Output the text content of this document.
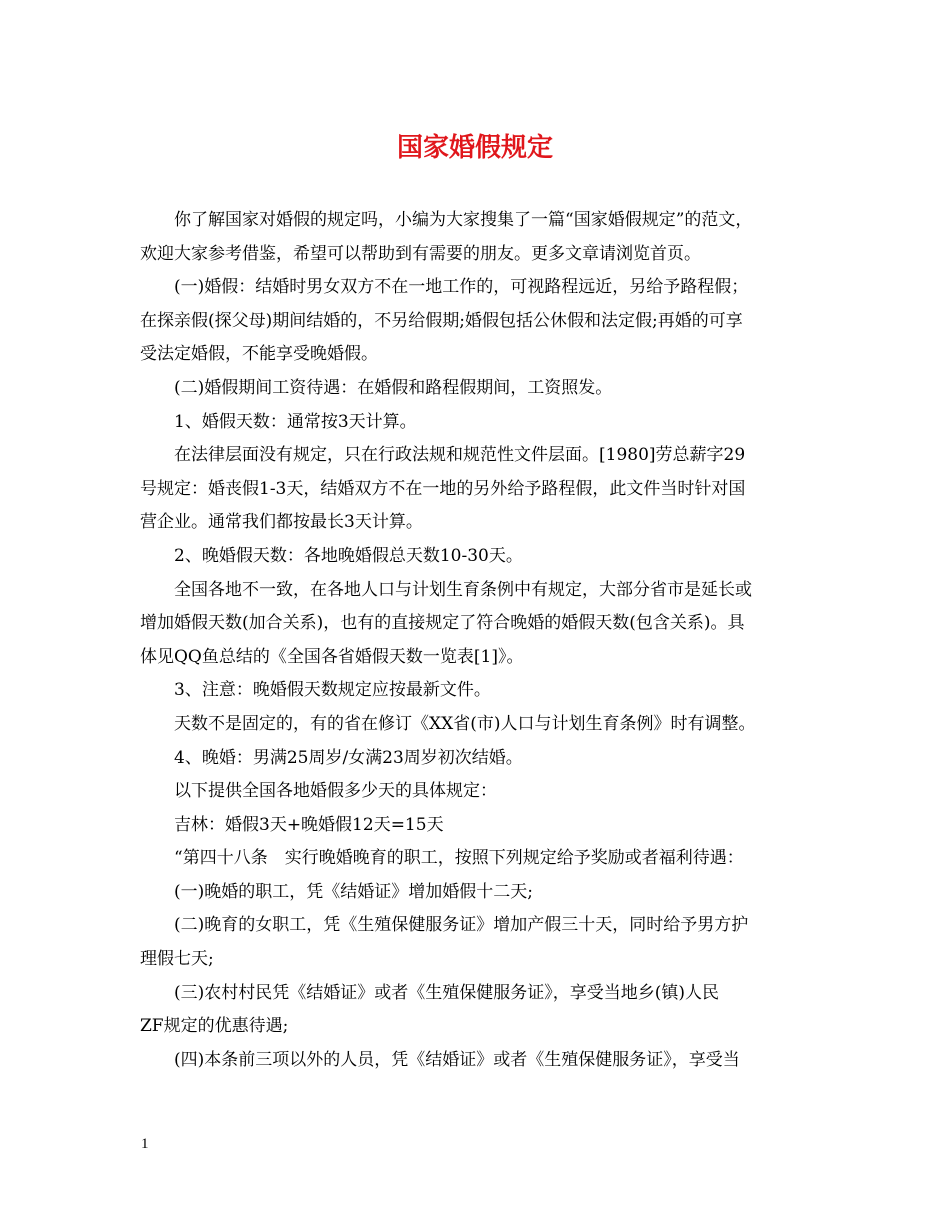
国家婚假规定

你了解国家对婚假的规定吗，小编为大家搜集了一篇“国家婚假规定”的范文，
欢迎大家参考借鉴，希望可以帮助到有需要的朋友。更多文章请浏览首页。

(一)婚假：结婚时男女双方不在一地工作的，可视路程远近，另给予路程假；
在探亲假(探父母)期间结婚的，不另给假期;婚假包括公休假和法定假;再婚的可享
受法定婚假，不能享受晚婚假。

(二)婚假期间工资待遇：在婚假和路程假期间，工资照发。

1、婚假天数：通常按3天计算。

在法律层面没有规定，只在行政法规和规范性文件层面。[1980]劳总薪字29
号规定：婚丧假1-3天，结婚双方不在一地的另外给予路程假，此文件当时针对国
营企业。通常我们都按最长3天计算。

2、晚婚假天数：各地晚婚假总天数10-30天。

全国各地不一致，在各地人口与计划生育条例中有规定，大部分省市是延长或
增加婚假天数(加合关系)，也有的直接规定了符合晚婚的婚假天数(包含关系)。具
体见QQ鱼总结的《全国各省婚假天数一览表[1]》。

3、注意：晚婚假天数规定应按最新文件。

天数不是固定的，有的省在修订《XX省(市)人口与计划生育条例》时有调整。

4、晚婚：男满25周岁/女满23周岁初次结婚。

以下提供全国各地婚假多少天的具体规定：

吉林：婚假3天+晚婚假12天=15天

“第四十八条　实行晚婚晚育的职工，按照下列规定给予奖励或者福利待遇：

(一)晚婚的职工，凭《结婚证》增加婚假十二天;

(二)晚育的女职工，凭《生殖保健服务证》增加产假三十天，同时给予男方护
理假七天;

(三)农村村民凭《结婚证》或者《生殖保健服务证》，享受当地乡(镇)人民
ZF规定的优惠待遇;

(四)本条前三项以外的人员，凭《结婚证》或者《生殖保健服务证》，享受当

1
